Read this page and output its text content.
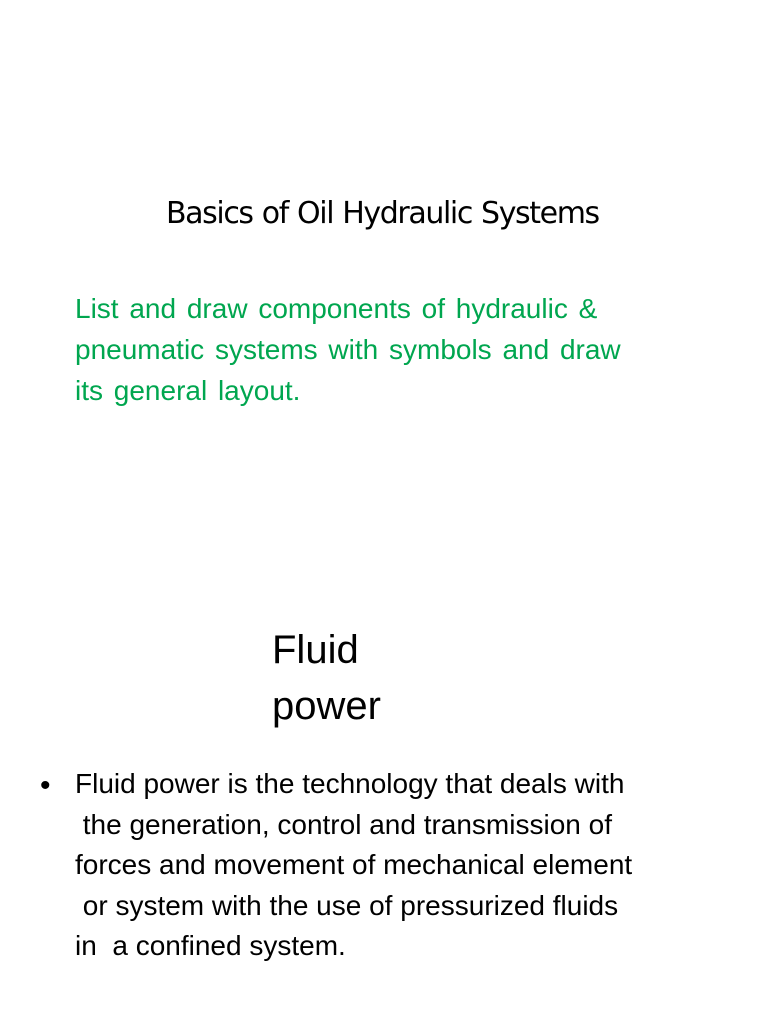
Basics of Oil Hydraulic Systems
List and draw components of hydraulic &
pneumatic systems with symbols and draw
its general layout.
Fluid
power
• Fluid power is the technology that deals with
the generation, control and transmission of
forces and movement of mechanical element
or system with the use of pressurized fluids
in  a confined system.
